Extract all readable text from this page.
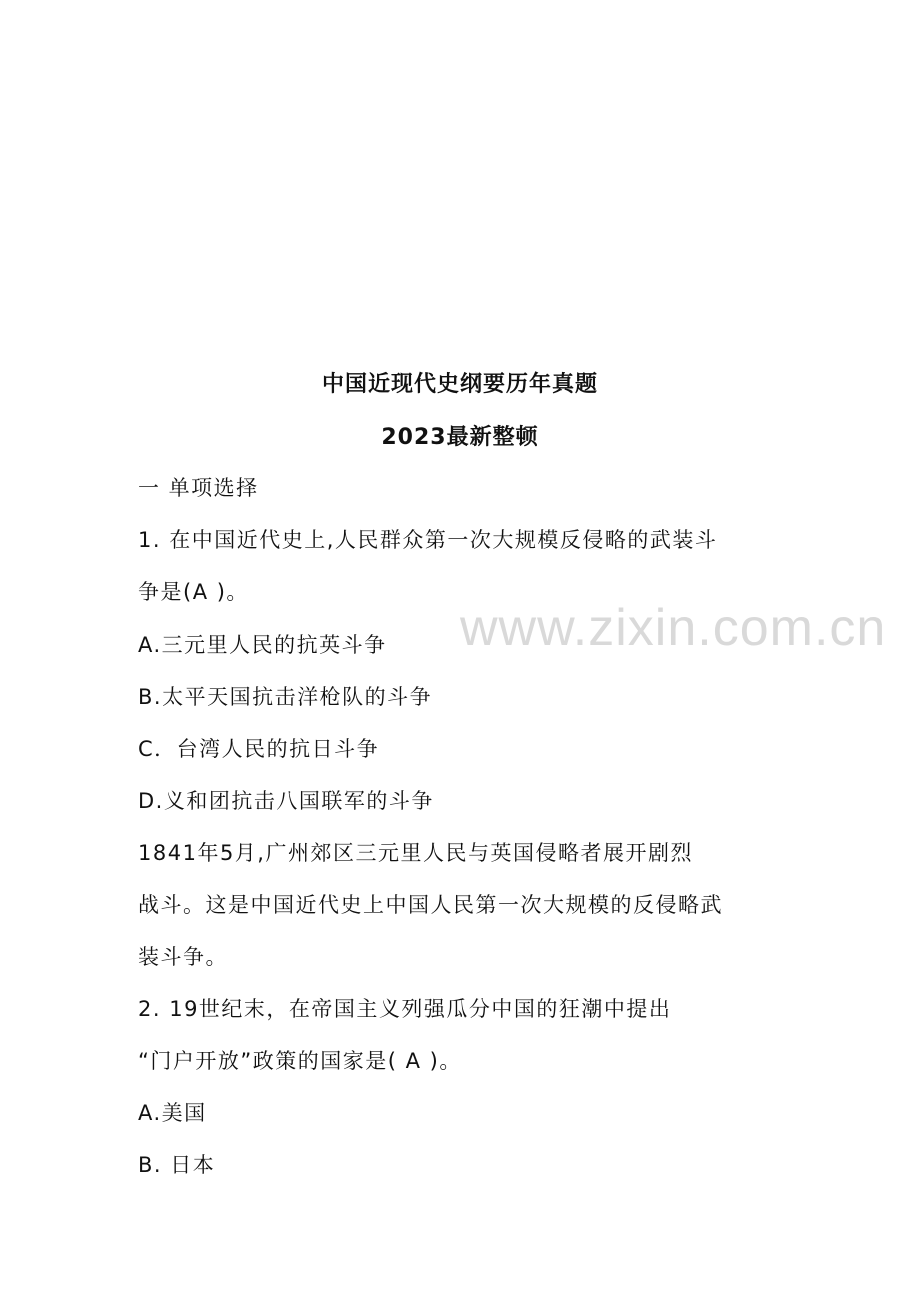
中国近现代史纲要历年真题
2023最新整顿
一 单项选择
1. 在中国近代史上,人民群众第一次大规模反侵略的武装斗
争是(A )。
A.三元里人民的抗英斗争
B.太平天国抗击洋枪队的斗争
C．台湾人民的抗日斗争
D.义和团抗击八国联军的斗争
1841年5月,广州郊区三元里人民与英国侵略者展开剧烈
战斗。这是中国近代史上中国人民第一次大规模的反侵略武
装斗争。
2. 19世纪末，在帝国主义列强瓜分中国的狂潮中提出
“门户开放”政策的国家是( A )。
A.美国
B. 日本
www.zixin.com.cn
